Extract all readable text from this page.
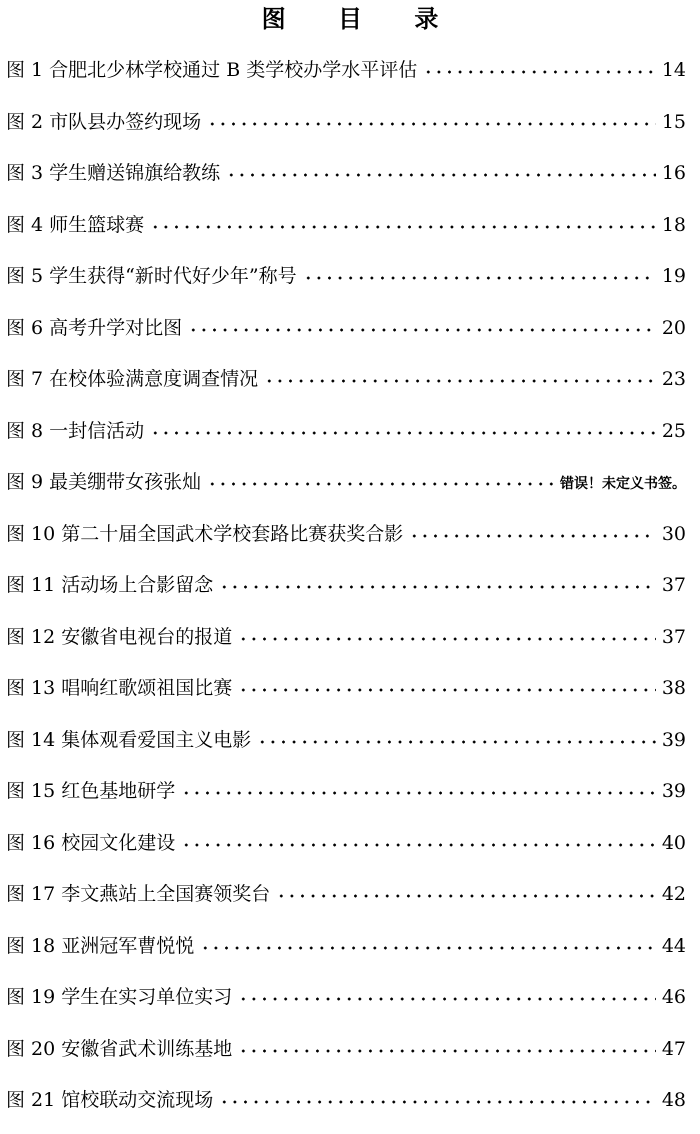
图 目 录
图 1 合肥北少林学校通过 B 类学校办学水平评估	14
图 2 市队县办签约现场	15
图 3 学生赠送锦旗给教练	16
图 4 师生篮球赛	18
图 5 学生获得“新时代好少年”称号	19
图 6 高考升学对比图	20
图 7 在校体验满意度调查情况	23
图 8 一封信活动	25
图 9 最美绷带女孩张灿	错误！未定义书签。
图 10 第二十届全国武术学校套路比赛获奖合影	30
图 11 活动场上合影留念	37
图 12 安徽省电视台的报道	37
图 13 唱响红歌颂祖国比赛	38
图 14 集体观看爱国主义电影	39
图 15 红色基地研学	39
图 16 校园文化建设	40
图 17 李文燕站上全国赛领奖台	42
图 18 亚洲冠军曹悦悦	44
图 19 学生在实习单位实习	46
图 20 安徽省武术训练基地	47
图 21 馆校联动交流现场	48
